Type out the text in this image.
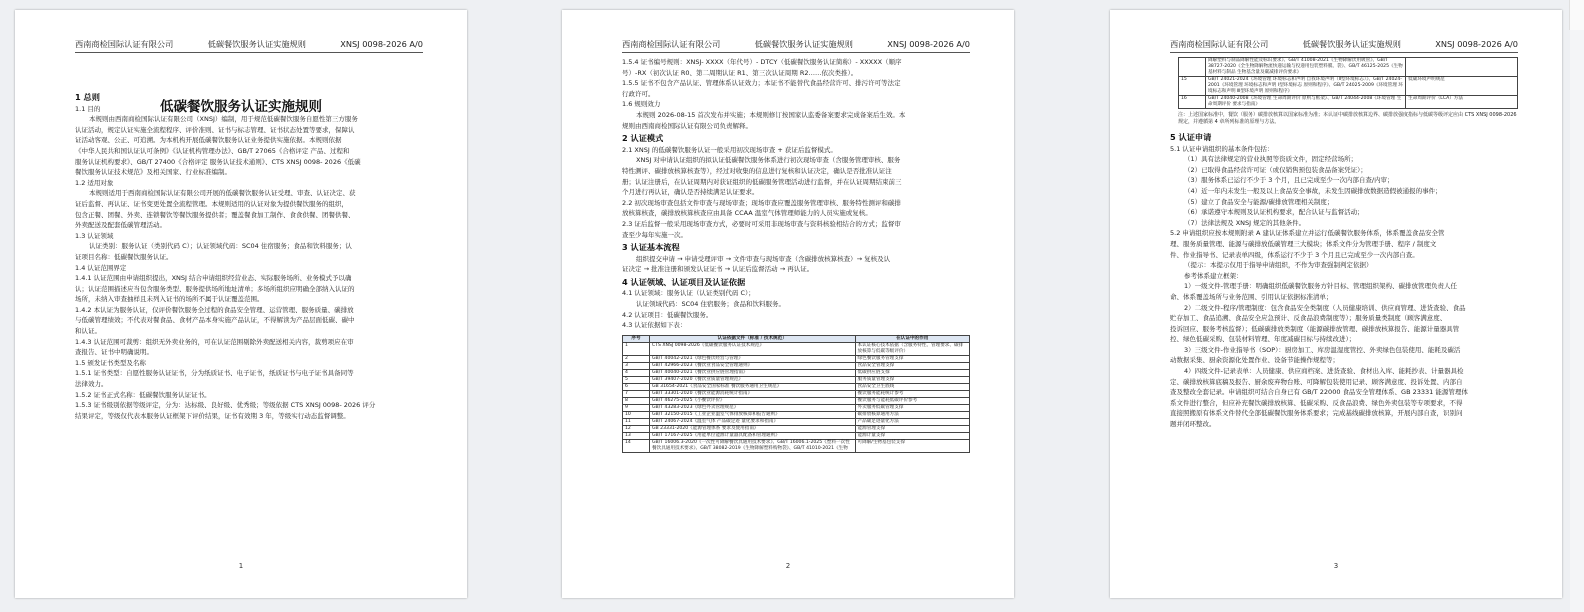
西南商检国际认证有限公司	低碳餐饮服务认证实施规则	XNSJ 0098-2026 A/0
低碳餐饮服务认证实施规则
1 总则
1.1 目的
本规则由西南商检国际认证有限公司（XNSJ）编制，用于规范低碳餐饮服务自愿性第三方服务
认证活动，规定认证实施全流程程序、评价准则、证书与标志管理、证书状态处置等要求，保障认
证活动客观、公正、可追溯。为本机构开展低碳餐饮服务认证业务提供实施依据。本规则依据
《中华人民共和国认证认可条例》《认证机构管理办法》、GB/T 27065《合格评定 产品、过程和
服务认证机构要求》、GB/T 27400《合格评定 服务认证技术通则》、CTS XNSJ 0098- 2026《低碳
餐饮服务认证技术规范》及相关国家、行业标准编制。
1.2 适用对象
本规则适用于西南商检国际认证有限公司开展的低碳餐饮服务认证受理、审查、认证决定、获
证后监督、再认证、证书变更处置全流程管理。本规则适用的认证对象为提供餐饮服务的组织，
包含正餐、团餐、外卖、连锁餐饮等餐饮服务提供者；覆盖餐食加工制作、食食供餐、团餐供餐、
外卖配送及配套低碳管理活动。
1.3 认证领域
认证类别：服务认证（类别代码 C）；认证领域代码：SC04 住宿服务；食品和饮料服务；认
证项目名称：低碳餐饮服务认证。
1.4 认证范围界定
1.4.1 认证范围由申请组织提出，XNSJ 结合申请组织经营业态、实际服务场所、业务模式予以确
认；认证范围描述应当包含服务类型、服务提供场所地址清单；多场所组织应明确全部纳入认证的
场所，未纳入审查抽样且未列入证书的场所不属于认证覆盖范围。
1.4.2 本认证为服务认证，仅评价餐饮服务全过程的食品安全管理、运营管理、服务质量、碳排放
与低碳管理绩效；不代表对餐食品、食材产品本身实施产品认证，不得解读为产品层面低碳、碳中
和认证。
1.4.3 认证范围可裁剪：组织无外卖业务的，可在认证范围剔除外卖配送相关内容，裁剪项应在审
查报告、证书中明确说明。
1.5 颁发证书类型及名称
1.5.1 证书类型：自愿性服务认证证书，分为纸质证书、电子证书，纸质证书与电子证书具备同等
法律效力。
1.5.2 证书正式名称：低碳餐饮服务认证证书。
1.5.3 证书级别依据等级评定，分为：达标级、良好级、优秀级；等级依据 CTS XNSJ 0098- 2026 评分
结果评定，等级仅代表本服务认证框架下评价结果，证书有效期 3 年，等级实行动态监督调整。
1
西南商检国际认证有限公司	低碳餐饮服务认证实施规则	XNSJ 0098-2026 A/0
1.5.4 证书编号规则：XNSJ- XXXX（年代号）- DTCY（低碳餐饮服务认证简称）- XXXXX（顺序
号）-RX（初次认证 R0、第二周期认证 R1、第三次认证周期 R2……依次类推）。
1.5.5 证书不包含产品认证、管理体系认证效力；本证书不能替代食品经营许可、排污许可等法定
行政许可。
1.6 规则效力
本规则 2026-08-15 首次发布并实施；本规则修订按国家认监委备案要求完成备案后生效。本
规则由西南商检国际认证有限公司负责解释。
2 认证模式
2.1 XNSJ 的低碳餐饮服务认证一般采用初次现场审查 + 获证后监督模式。
XNSJ 对申请认证组织的拟认证低碳餐饮服务体系进行初次现场审查（含服务管理审核、服务
特性测评、碳排放核算核查等），经过对收集的信息进行复核和认证决定，确认是否批准认证注
册；认证注册后，在认证周期内对获证组织的低碳服务管理活动进行监督，并在认证周期结束前三
个月进行再认证，确认是否持续满足认证要求。
2.2 初次现场审查包括文件审查与现场审查；现场审查应覆盖服务管理审核、服务特性测评和碳排
放核算核查，碳排放核算核查应由具备 CCAA 温室气体管理师能力的人员实施或复核。
2.3 证后监督一般采用现场审查方式，必要时可采用非现场审查与资料核验相结合的方式；监督审
查至少每年实施一次。
3 认证基本流程
组织提交申请 → 申请受理评审 → 文件审查与现场审查（含碳排放核算核查）→ 复核及认
证决定 → 批准注册和颁发认证证书 → 认证后监督活动 → 再认证。
4 认证领域、认证项目及认证依据
4.1 认证领域：服务认证（认证类别代码 C）；
认证领域代码：SC04 住宿服务；食品和饮料服务。
4.2 认证项目：低碳餐饮服务。
4.3 认证依据如下表：
序号	认证依据文件（标准 / 技术规范）	在认证中的作用
1	CTS XNSJ 0098-2026《低碳餐饮服务认证技术规范》	本认证核心技术依据（含服务特性、管理要求、碳排放核算与低碳等级评价）
2	GB/T 40042-2021《绿色餐饮经营与管理》	绿色餐饮服务管理支撑
3	GB/T 42966-2023《餐饮业食品安全管理通则》	食品安全管理支撑
4	GB/T 40040-2021《餐饮业供应链管理指南》	低碳供应链支撑
5	GB/T 39407-2020《餐饮业质量管理规范》	服务质量管理支撑
6	GB 31654-2021《食品安全国家标准 餐饮服务通用卫生规范》	食品安全卫生底线
7	GB/T 33301-2020《餐饮业能源消耗统计指南》	餐饮服务能耗统计参考
8	GB/T 46275-2025《小餐饮评价》	餐饮服务与能耗低碳评价参考
9	GB/T 43283-2023《绿色外卖管理规范》	外卖服务低碳管理支撑
10	GB/T 32150-2015《工业企业温室气体排放核算和报告通则》	碳排放核算通用方法
11	GB/T 24067-2024《温室气体 产品碳足迹 量化要求和指南》	产品碳足迹量化方法
12	GB 23331-2020《能源管理体系 要求及使用指南》	能源管理支撑
13	GB/T 17167-2025《用能单位能源计量器具配备和管理通则》	能源计量支撑
14	GB/T 16006.3-2020《一次性可降解餐饮具通用技术要求》、GB/T 16006.1-2025《塑料一次性餐饮具通用技术要求》、GB/T 38082-2019《生物降解塑料购物袋》、GB/T 41010-2021《生物	可降解/生物基包装支撑
2
西南商检国际认证有限公司	低碳餐饮服务认证实施规则	XNSJ 0098-2026 A/0
	降解塑料与制品降解性能及标识要求》、GB/T 41008-2021《生物降解饮用吸管》、GB/T 38727-2020《全生物降解物流快递运输与投递用包装塑料膜、袋》、GB/T 46125-2025《生物基材料与制品 生物基含量及碳减排评价要求》	
15	GB/T 24021-2024《环境管理 环境标志和声明 自我环境声明（Ⅱ型环境标志）》、GB/T 24024-2001《环境管理 环境标志和声明 Ⅰ型环境标志 原则和程序》、GB/T 24025-2009《环境管理 环境标志和声明 Ⅲ型环境声明 原则和程序》	低碳环境声明规范
16	GB/T 24040-2008《环境管理 生命周期评价 原则与框架》、GB/T 24044-2008《环境管理 生命周期评价 要求与指南》	生命周期评价（LCA）方法
注：上述国家标准中，餐饮（服务）碳排放核算以国家标准为准；本认证中碳排放核算边界、碳排放强度指标与低碳等级评定应由 CTS XNSJ 0098-2026 规定，并遵循第 4 章所列标准的原理与方法。
5 认证申请
5.1 认证申请组织的基本条件包括：
（1）具有法律规定的营业执照等资质文件，固定经营场所；
（2）已取得食品经营许可证（或仅销售预包装食品备案凭证）；
（3）服务体系已运行不少于 3 个月，且已完成至少一次内部自查/内审；
（4）近一年内未发生一般及以上食品安全事故，未发生因碳排放数据造假被通报的事件；
（5）建立了食品安全与能源/碳排放管理相关制度；
（6）承诺遵守本规则及认证机构要求，配合认证与监督活动；
（7）法律法规及 XNSJ 规定的其他条件。
5.2 申请组织应按本规则附录 A 建认证体系建立并运行低碳餐饮服务体系，体系覆盖食品安全管
理、服务质量管理、能源与碳排放低碳管理三大模块；体系文件分为管理手册、程序 / 制度文
件、作业指导书、记录表单四级，体系运行不少于 3 个月且已完成至少一次内部自查。
（提示：本提示仅用于指导申请组织，不作为审查强制判定依据）
参考体系建立框架：
1）一级文件-管理手册：明确组织低碳餐饮服务方针目标、管理组织架构、碳排放管理负责人任
命、体系覆盖场所与业务范围、引用认证依据标准清单；
2）二级文件-程序/管理制度：包含食品安全类制度（人员健康培训、供应商管理、进货查验、食品
贮存加工、食品追溯、食品安全应急预计、反食品浪费制度等）；服务质量类制度（顾客满意度、
投诉回应、服务考核监督）；低碳碳排放类制度（能源碳排放管理、碳排放核算报告、能源计量器具管
控、绿色低碳采购、包装材料管理、年度减碳目标与持续改进）；
3）三级文件-作业指导书（SOP）：厨房加工、库房温湿度管控、外卖绿色包装使用、能耗及碳活
动数据采集、厨余资源化处置作业、设备节能操作规程等；
4）四级文件-记录表单：人员健康、供应商档案、进货查验、食材出入库、能耗抄表、计量器具检
定、碳排放核算底稿及报告、厨余废弃物台账、可降解包装使用记录、顾客满意度、投诉处置、内部自
查及整改全套记录。申请组织可结合自身已有 GB/T 22000 食品安全管理体系、GB 23331 能源管理体
系文件进行整合，但应补充餐饮碳排放核算、低碳采购、反食品浪费、绿色外卖包装等专项要求，不得
直接照搬原有体系文件替代全部低碳餐饮服务体系要求；完成基线碳排放核算，开展内部自查，识别问
题并闭环整改。
3
